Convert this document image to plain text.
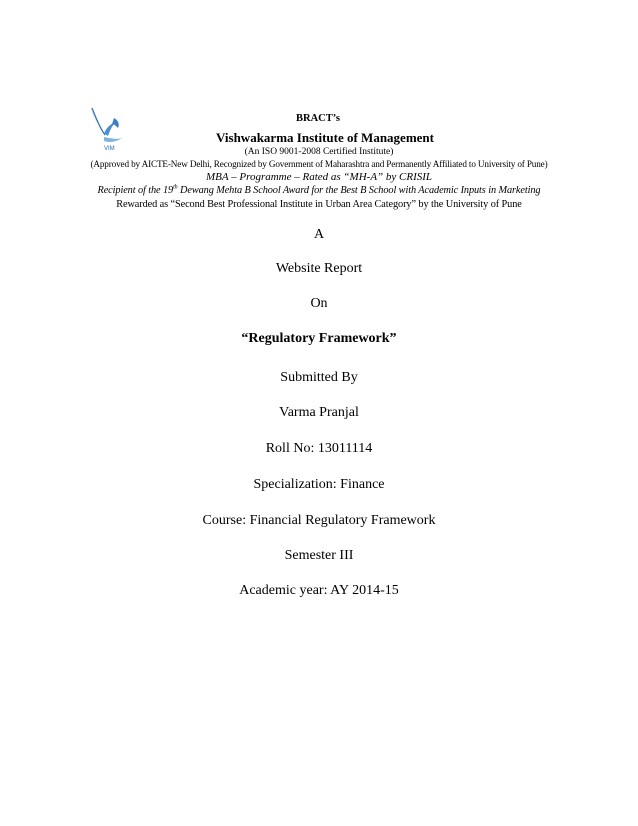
VIM
BRACT’s
Vishwakarma Institute of Management
(An ISO 9001-2008 Certified Institute)
(Approved by AICTE-New Delhi, Recognized by Government of Maharashtra and Permanently Affiliated to University of Pune)
MBA – Programme – Rated as “MH-A” by CRISIL
Recipient of the 19th Dewang Mehta B School Award for the Best B School with Academic Inputs in Marketing
Rewarded as “Second Best Professional Institute in Urban Area Category” by the University of Pune
A
Website Report
On
“Regulatory Framework”
Submitted By
Varma Pranjal
Roll No: 13011114
Specialization: Finance
Course: Financial Regulatory Framework
Semester III
Academic year: AY 2014-15
